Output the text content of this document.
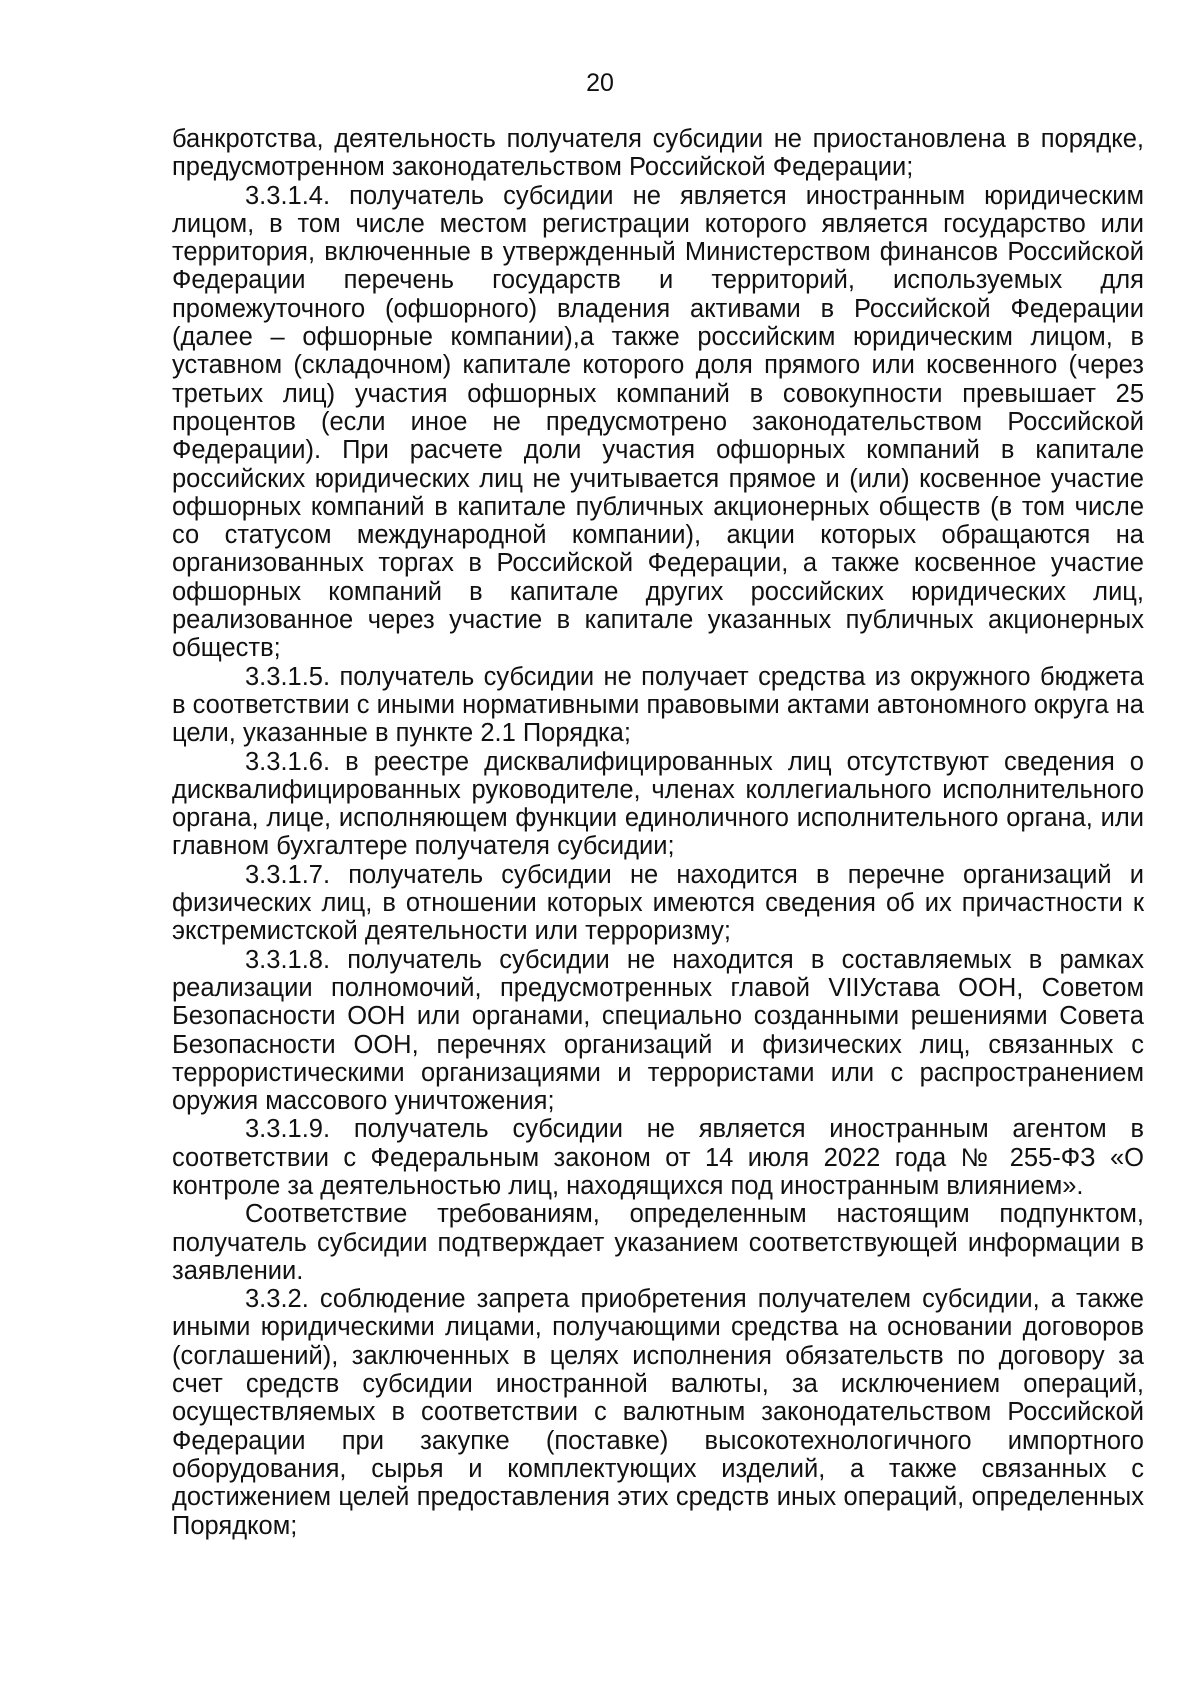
20

банкротства, деятельность получателя субсидии не приостановлена в порядке, предусмотренном законодательством Российской Федерации;

3.3.1.4. получатель субсидии не является иностранным юридическим лицом, в том числе местом регистрации которого является государство или территория, включенные в утвержденный Министерством финансов Российской Федерации перечень государств и территорий, используемых для промежуточного (офшорного) владения активами в Российской Федерации (далее – офшорные компании),а также российским юридическим лицом, в уставном (складочном) капитале которого доля прямого или косвенного (через третьих лиц) участия офшорных компаний в совокупности превышает 25 процентов (если иное не предусмотрено законодательством Российской Федерации). При расчете доли участия офшорных компаний в капитале российских юридических лиц не учитывается прямое и (или) косвенное участие офшорных компаний в капитале публичных акционерных обществ (в том числе со статусом международной компании), акции которых обращаются на организованных торгах в Российской Федерации, а также косвенное участие офшорных компаний в капитале других российских юридических лиц, реализованное через участие в капитале указанных публичных акционерных обществ;

3.3.1.5. получатель субсидии не получает средства из окружного бюджета в соответствии с иными нормативными правовыми актами автономного округа на цели, указанные в пункте 2.1 Порядка;

3.3.1.6. в реестре дисквалифицированных лиц отсутствуют сведения о дисквалифицированных руководителе, членах коллегиального исполнительного органа, лице, исполняющем функции единоличного исполнительного органа, или главном бухгалтере получателя субсидии;

3.3.1.7. получатель субсидии не находится в перечне организаций и физических лиц, в отношении которых имеются сведения об их причастности к экстремистской деятельности или терроризму;

3.3.1.8. получатель субсидии не находится в составляемых в рамках реализации полномочий, предусмотренных главой VIIУстава ООН, Советом Безопасности ООН или органами, специально созданными решениями Совета Безопасности ООН, перечнях организаций и физических лиц, связанных с террористическими организациями и террористами или с распространением оружия массового уничтожения;

3.3.1.9. получатель субсидии не является иностранным агентом в соответствии с Федеральным законом от 14 июля 2022 года № 255-ФЗ «О контроле за деятельностью лиц, находящихся под иностранным влиянием».

Соответствие требованиям, определенным настоящим подпунктом, получатель субсидии подтверждает указанием соответствующей информации в заявлении.

3.3.2. соблюдение запрета приобретения получателем субсидии, а также иными юридическими лицами, получающими средства на основании договоров (соглашений), заключенных в целях исполнения обязательств по договору за счет средств субсидии иностранной валюты, за исключением операций, осуществляемых в соответствии с валютным законодательством Российской Федерации при закупке (поставке) высокотехнологичного импортного оборудования, сырья и комплектующих изделий, а также связанных с достижением целей предоставления этих средств иных операций, определенных Порядком;
